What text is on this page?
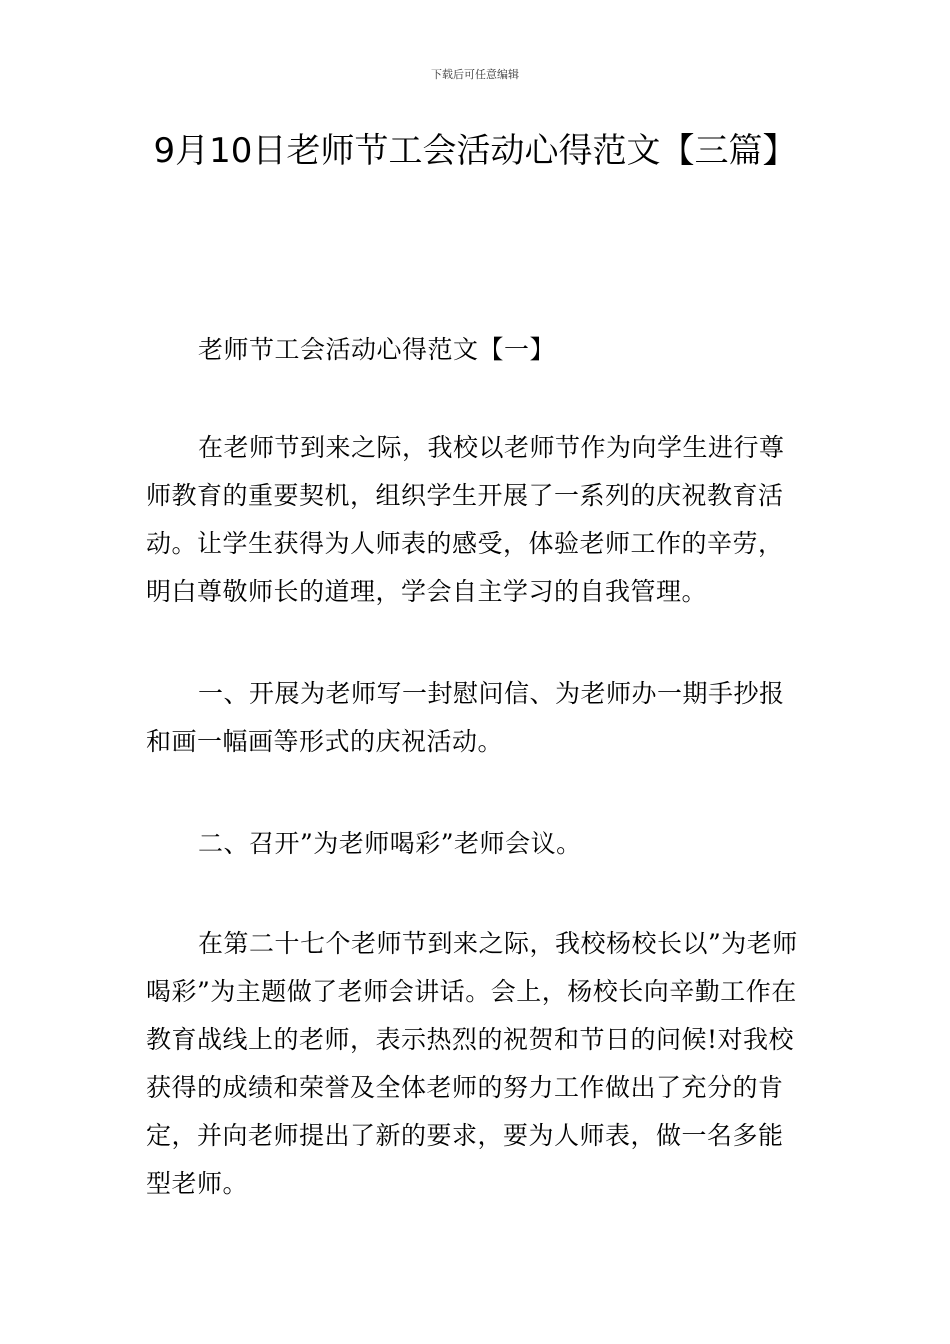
下载后可任意编辑
9月10日老师节工会活动心得范文【三篇】

老师节工会活动心得范文【一】

在老师节到来之际，我校以老师节作为向学生进行尊师教育的重要契机，组织学生开展了一系列的庆祝教育活动。让学生获得为人师表的感受，体验老师工作的辛劳，明白尊敬师长的道理，学会自主学习的自我管理。

一、开展为老师写一封慰问信、为老师办一期手抄报和画一幅画等形式的庆祝活动。

二、召开”为老师喝彩”老师会议。

在第二十七个老师节到来之际，我校杨校长以”为老师喝彩”为主题做了老师会讲话。会上，杨校长向辛勤工作在教育战线上的老师，表示热烈的祝贺和节日的问候!对我校获得的成绩和荣誉及全体老师的努力工作做出了充分的肯定，并向老师提出了新的要求，要为人师表，做一名多能型老师。
